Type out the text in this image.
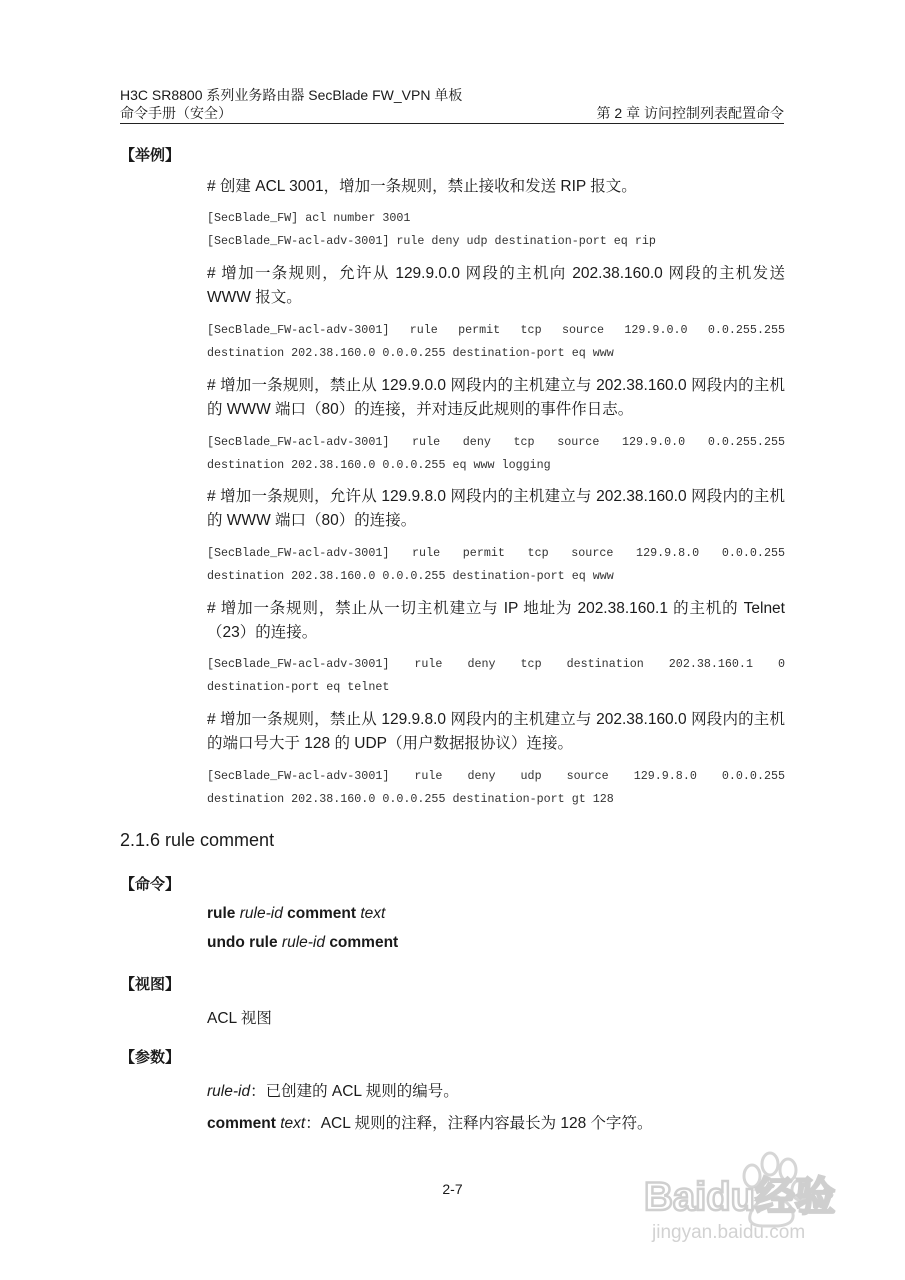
H3C SR8800 系列业务路由器 SecBlade FW_VPN 单板
命令手册（安全）	第 2 章 访问控制列表配置命令
【举例】
# 创建 ACL 3001，增加一条规则，禁止接收和发送 RIP 报文。
[SecBlade_FW] acl number 3001
[SecBlade_FW-acl-adv-3001] rule deny udp destination-port eq rip
# 增加一条规则，允许从 129.9.0.0 网段的主机向 202.38.160.0 网段的主机发送 WWW 报文。
[SecBlade_FW-acl-adv-3001] rule permit tcp source 129.9.0.0 0.0.255.255
destination 202.38.160.0 0.0.0.255 destination-port eq www
# 增加一条规则，禁止从 129.9.0.0 网段内的主机建立与 202.38.160.0 网段内的主机的 WWW 端口（80）的连接，并对违反此规则的事件作日志。
[SecBlade_FW-acl-adv-3001] rule deny tcp source 129.9.0.0 0.0.255.255
destination 202.38.160.0 0.0.0.255 eq www logging
# 增加一条规则，允许从 129.9.8.0 网段内的主机建立与 202.38.160.0 网段内的主机的 WWW 端口（80）的连接。
[SecBlade_FW-acl-adv-3001] rule permit tcp source 129.9.8.0 0.0.0.255
destination 202.38.160.0 0.0.0.255 destination-port eq www
# 增加一条规则，禁止从一切主机建立与 IP 地址为 202.38.160.1 的主机的 Telnet（23）的连接。
[SecBlade_FW-acl-adv-3001] rule deny tcp destination 202.38.160.1 0
destination-port eq telnet
# 增加一条规则，禁止从 129.9.8.0 网段内的主机建立与 202.38.160.0 网段内的主机的端口号大于 128 的 UDP（用户数据报协议）连接。
[SecBlade_FW-acl-adv-3001] rule deny udp source 129.9.8.0 0.0.0.255
destination 202.38.160.0 0.0.0.255 destination-port gt 128
2.1.6 rule comment
【命令】
rule rule-id comment text
undo rule rule-id comment
【视图】
ACL 视图
【参数】
rule-id：已创建的 ACL 规则的编号。
comment text：ACL 规则的注释，注释内容最长为 128 个字符。
2-7	Baidu经验
jingyan.baidu.com
